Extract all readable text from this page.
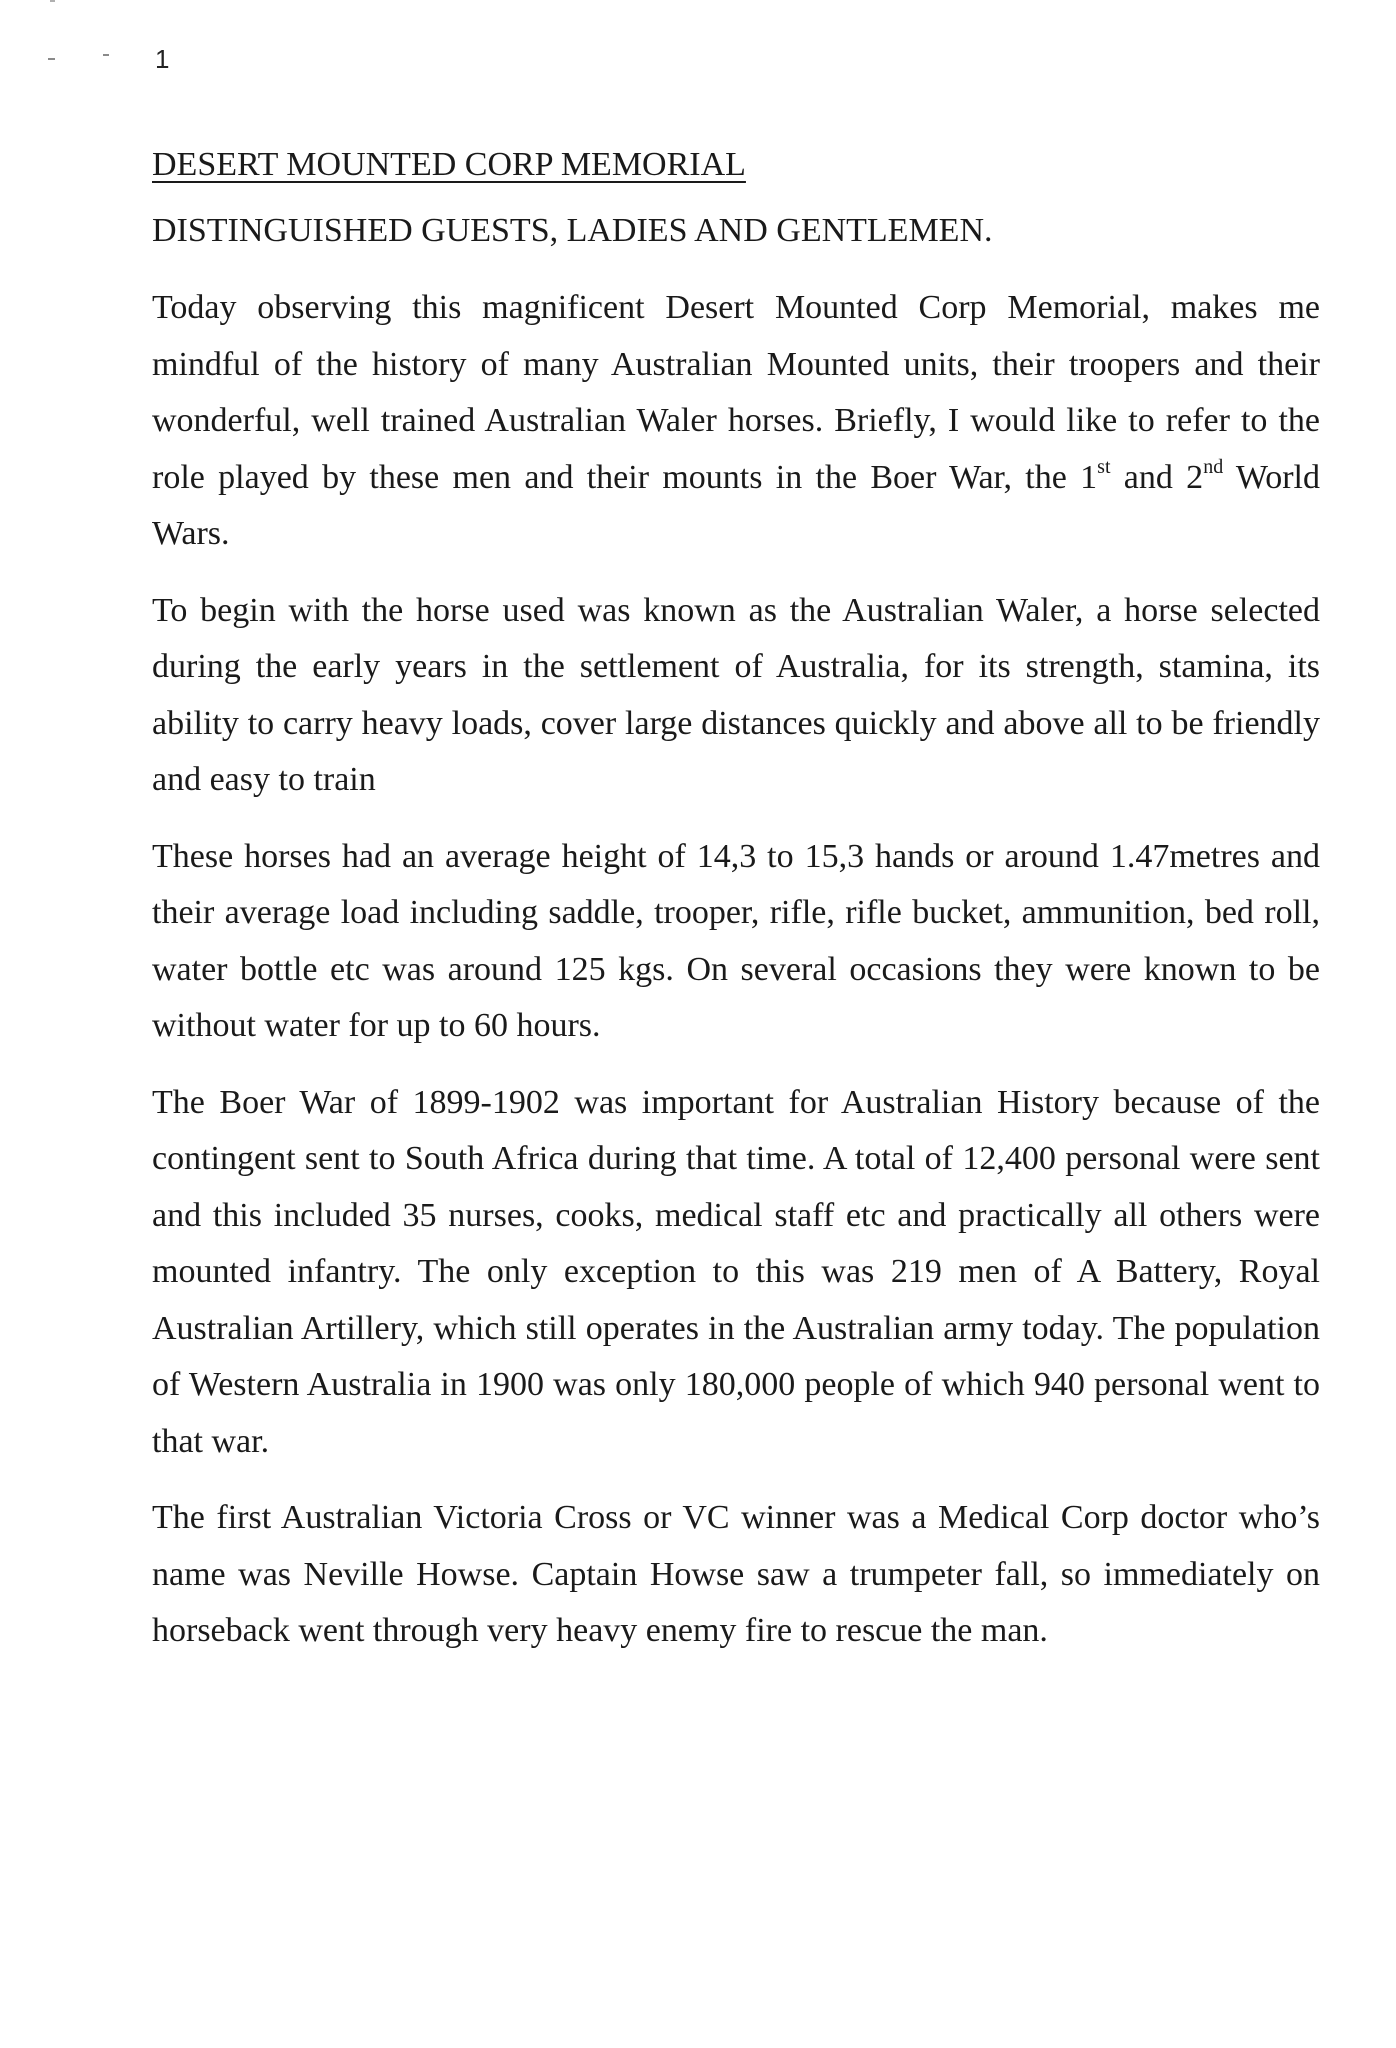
1
DESERT MOUNTED CORP MEMORIAL
DISTINGUISHED GUESTS, LADIES AND GENTLEMEN.

Today observing this magnificent Desert Mounted Corp Memorial, makes me mindful of the history of many Australian Mounted units, their troopers and their wonderful, well trained Australian Waler horses. Briefly, I would like to refer to the role played by these men and their mounts in the Boer War, the 1st and 2nd World Wars.

To begin with the horse used was known as the Australian Waler, a horse selected during the early years in the settlement of Australia, for its strength, stamina, its ability to carry heavy loads, cover large distances quickly and above all to be friendly and easy to train

These horses had an average height of 14,3 to 15,3 hands or around 1.47metres and their average load including saddle, trooper, rifle, rifle bucket, ammunition, bed roll, water bottle etc was around 125 kgs. On several occasions they were known to be without water for up to 60 hours.

The Boer War of 1899-1902 was important for Australian History because of the contingent sent to South Africa during that time. A total of 12,400 personal were sent and this included 35 nurses, cooks, medical staff etc and practically all others were mounted infantry. The only exception to this was 219 men of A Battery, Royal Australian Artillery, which still operates in the Australian army today. The population of Western Australia in 1900 was only 180,000 people of which 940 personal went to that war.

The first Australian Victoria Cross or VC winner was a Medical Corp doctor who’s name was Neville Howse. Captain Howse saw a trumpeter fall, so immediately on horseback went through very heavy enemy fire to rescue the man.
